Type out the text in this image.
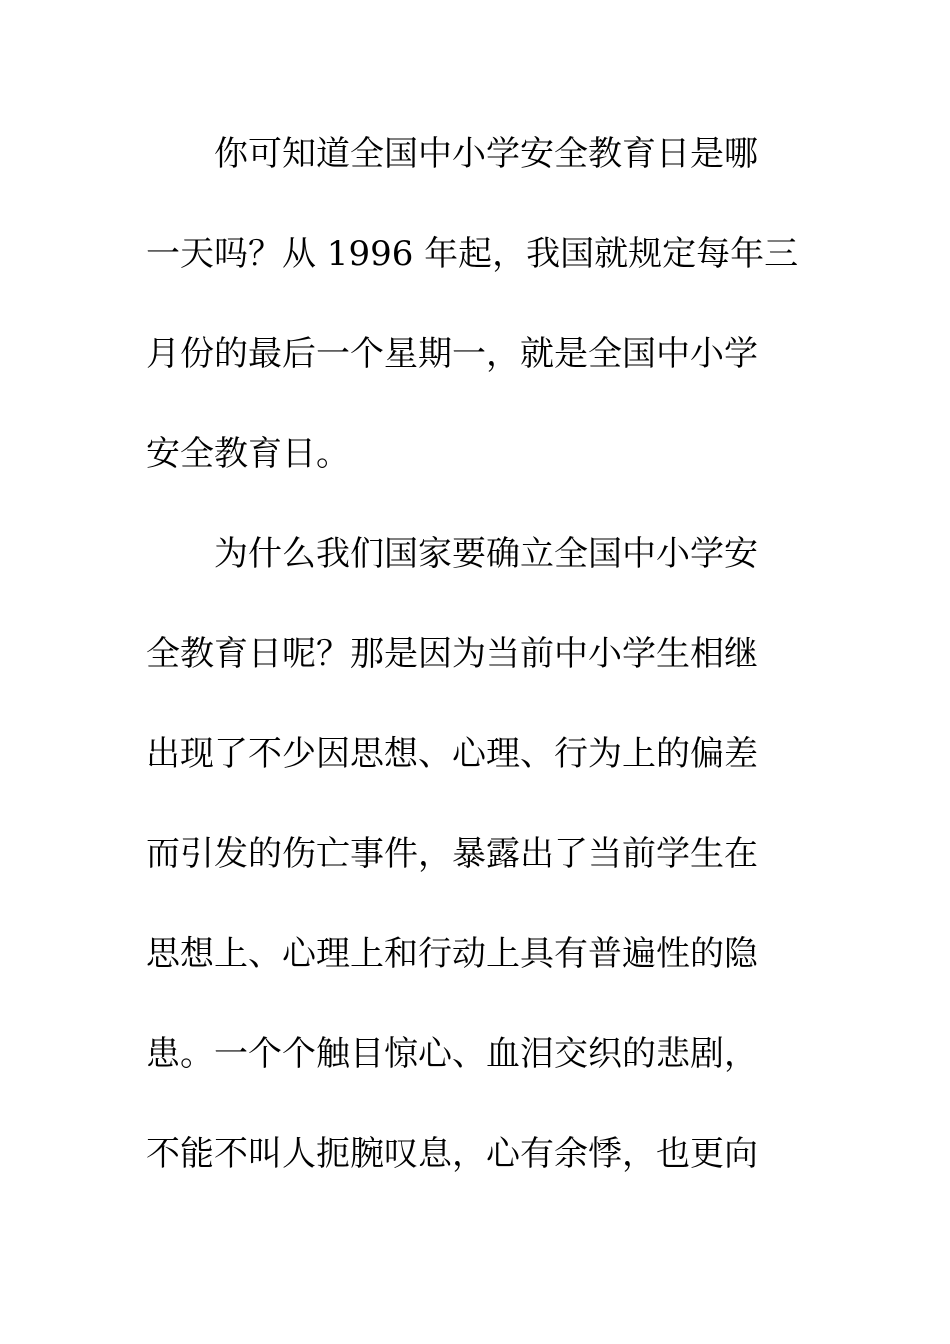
你可知道全国中小学安全教育日是哪
一天吗？从 1996 年起，我国就规定每年三
月份的最后一个星期一，就是全国中小学
安全教育日。
为什么我们国家要确立全国中小学安
全教育日呢？那是因为当前中小学生相继
出现了不少因思想、心理、行为上的偏差
而引发的伤亡事件，暴露出了当前学生在
思想上、心理上和行动上具有普遍性的隐
患。一个个触目惊心、血泪交织的悲剧，
不能不叫人扼腕叹息，心有余悸，也更向
